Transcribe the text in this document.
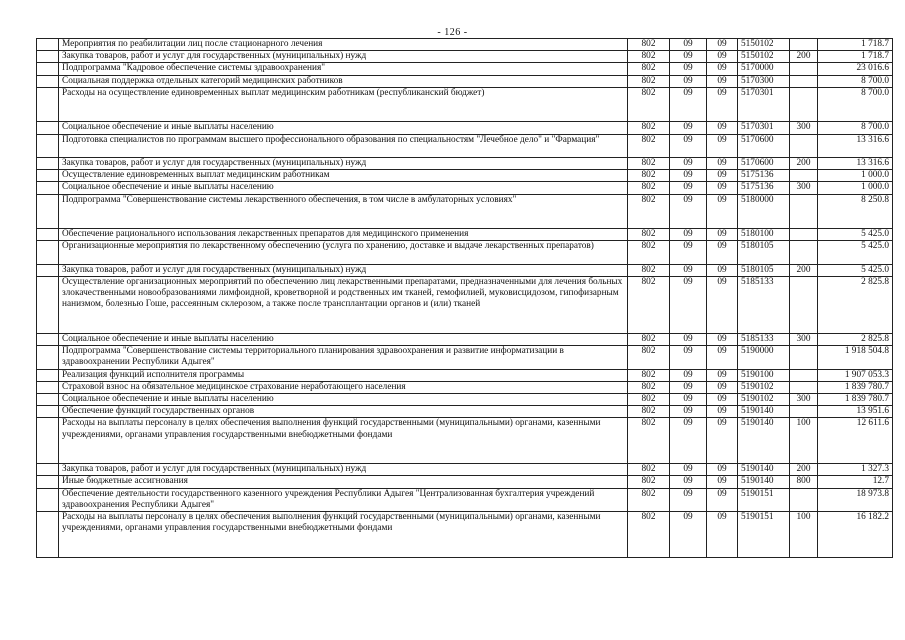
- 126 -
	Мероприятия по реабилитации лиц после стационарного лечения	802	09	09	5150102		1 718.7
	Закупка товаров, работ и услуг для государственных (муниципальных) нужд	802	09	09	5150102	200	1 718.7
	Подпрограмма "Кадровое обеспечение системы здравоохранения"	802	09	09	5170000		23 016.6
	Социальная поддержка отдельных категорий медицинских работников	802	09	09	5170300		8 700.0
	Расходы на осуществление единовременных выплат медицинским работникам (республиканский бюджет)	802	09	09	5170301		8 700.0
	Социальное обеспечение и иные выплаты населению	802	09	09	5170301	300	8 700.0
	Подготовка специалистов по программам высшего профессионального образования по специальностям "Лечебное дело" и "Фармация"	802	09	09	5170600		13 316.6
	Закупка товаров, работ и услуг для государственных (муниципальных) нужд	802	09	09	5170600	200	13 316.6
	Осуществление единовременных выплат медицинским работникам	802	09	09	5175136		1 000.0
	Социальное обеспечение и иные выплаты населению	802	09	09	5175136	300	1 000.0
	Подпрограмма "Совершенствование системы лекарственного обеспечения, в том числе в амбулаторных условиях"	802	09	09	5180000		8 250.8
	Обеспечение рационального использования лекарственных препаратов для медицинского применения	802	09	09	5180100		5 425.0
	Организационные мероприятия по лекарственному обеспечению (услуга по хранению, доставке и выдаче лекарственных препаратов)	802	09	09	5180105		5 425.0
	Закупка товаров, работ и услуг для государственных (муниципальных) нужд	802	09	09	5180105	200	5 425.0
	Осуществление организационных мероприятий по обеспечению лиц лекарственными препаратами, предназначенными для лечения больных злокачественными новообразованиями лимфоидной, кроветворной и родственных им тканей, гемофилией, муковисцидозом, гипофизарным нанизмом, болезнью Гоше, рассеянным склерозом, а также после трансплантации органов и (или) тканей	802	09	09	5185133		2 825.8
	Социальное обеспечение и иные выплаты населению	802	09	09	5185133	300	2 825.8
	Подпрограмма "Совершенствование системы территориального планирования здравоохранения и развитие информатизации в здравоохранении Республики Адыгея"	802	09	09	5190000		1 918 504.8
	Реализация функций исполнителя программы	802	09	09	5190100		1 907 053.3
	Страховой взнос на обязательное медицинское страхование неработающего населения	802	09	09	5190102		1 839 780.7
	Социальное обеспечение и иные выплаты населению	802	09	09	5190102	300	1 839 780.7
	Обеспечение функций государственных органов	802	09	09	5190140		13 951.6
	Расходы на выплаты персоналу в целях обеспечения выполнения функций государственными (муниципальными) органами, казенными учреждениями, органами управления государственными внебюджетными фондами	802	09	09	5190140	100	12 611.6
	Закупка товаров, работ и услуг для государственных (муниципальных) нужд	802	09	09	5190140	200	1 327.3
	Иные бюджетные ассигнования	802	09	09	5190140	800	12.7
	Обеспечение деятельности государственного казенного учреждения Республики Адыгея "Централизованная бухгалтерия учреждений здравоохранения Республики Адыгея"	802	09	09	5190151		18 973.8
	Расходы на выплаты персоналу в целях обеспечения выполнения функций государственными (муниципальными) органами, казенными учреждениями, органами управления государственными внебюджетными фондами	802	09	09	5190151	100	16 182.2
